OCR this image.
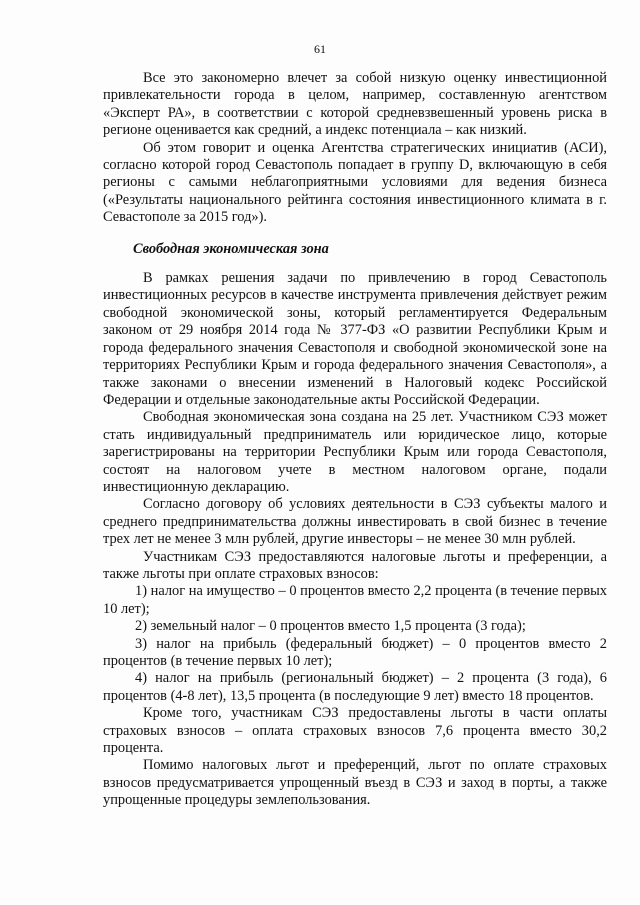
61

Все это закономерно влечет за собой низкую оценку инвестиционной привлекательности города в целом, например, составленную агентством «Эксперт РА», в соответствии с которой средневзвешенный уровень риска в регионе оценивается как средний, а индекс потенциала – как низкий.

Об этом говорит и оценка Агентства стратегических инициатив (АСИ), согласно которой город Севастополь попадает в группу D, включающую в себя регионы с самыми неблагоприятными условиями для ведения бизнеса («Результаты национального рейтинга состояния инвестиционного климата в г. Севастополе за 2015 год»).

Свободная экономическая зона

В рамках решения задачи по привлечению в город Севастополь инвестиционных ресурсов в качестве инструмента привлечения действует режим свободной экономической зоны, который регламентируется Федеральным законом от 29 ноября 2014 года № 377-ФЗ «О развитии Республики Крым и города федерального значения Севастополя и свободной экономической зоне на территориях Республики Крым и города федерального значения Севастополя», а также законами о внесении изменений в Налоговый кодекс Российской Федерации и отдельные законодательные акты Российской Федерации.

Свободная экономическая зона создана на 25 лет. Участником СЭЗ может стать индивидуальный предприниматель или юридическое лицо, которые зарегистрированы на территории Республики Крым или города Севастополя, состоят на налоговом учете в местном налоговом органе, подали инвестиционную декларацию.

Согласно договору об условиях деятельности в СЭЗ субъекты малого и среднего предпринимательства должны инвестировать в свой бизнес в течение трех лет не менее 3 млн рублей, другие инвесторы – не менее 30 млн рублей.

Участникам СЭЗ предоставляются налоговые льготы и преференции, а также льготы при оплате страховых взносов:

1) налог на имущество – 0 процентов вместо 2,2 процента (в течение первых 10 лет);

2) земельный налог – 0 процентов вместо 1,5 процента (3 года);

3) налог на прибыль (федеральный бюджет) – 0 процентов вместо 2 процентов (в течение первых 10 лет);

4) налог на прибыль (региональный бюджет) – 2 процента (3 года), 6 процентов (4-8 лет), 13,5 процента (в последующие 9 лет) вместо 18 процентов.

Кроме того, участникам СЭЗ предоставлены льготы в части оплаты страховых взносов – оплата страховых взносов 7,6 процента вместо 30,2 процента.

Помимо налоговых льгот и преференций, льгот по оплате страховых взносов предусматривается упрощенный въезд в СЭЗ и заход в порты, а также упрощенные процедуры землепользования.
